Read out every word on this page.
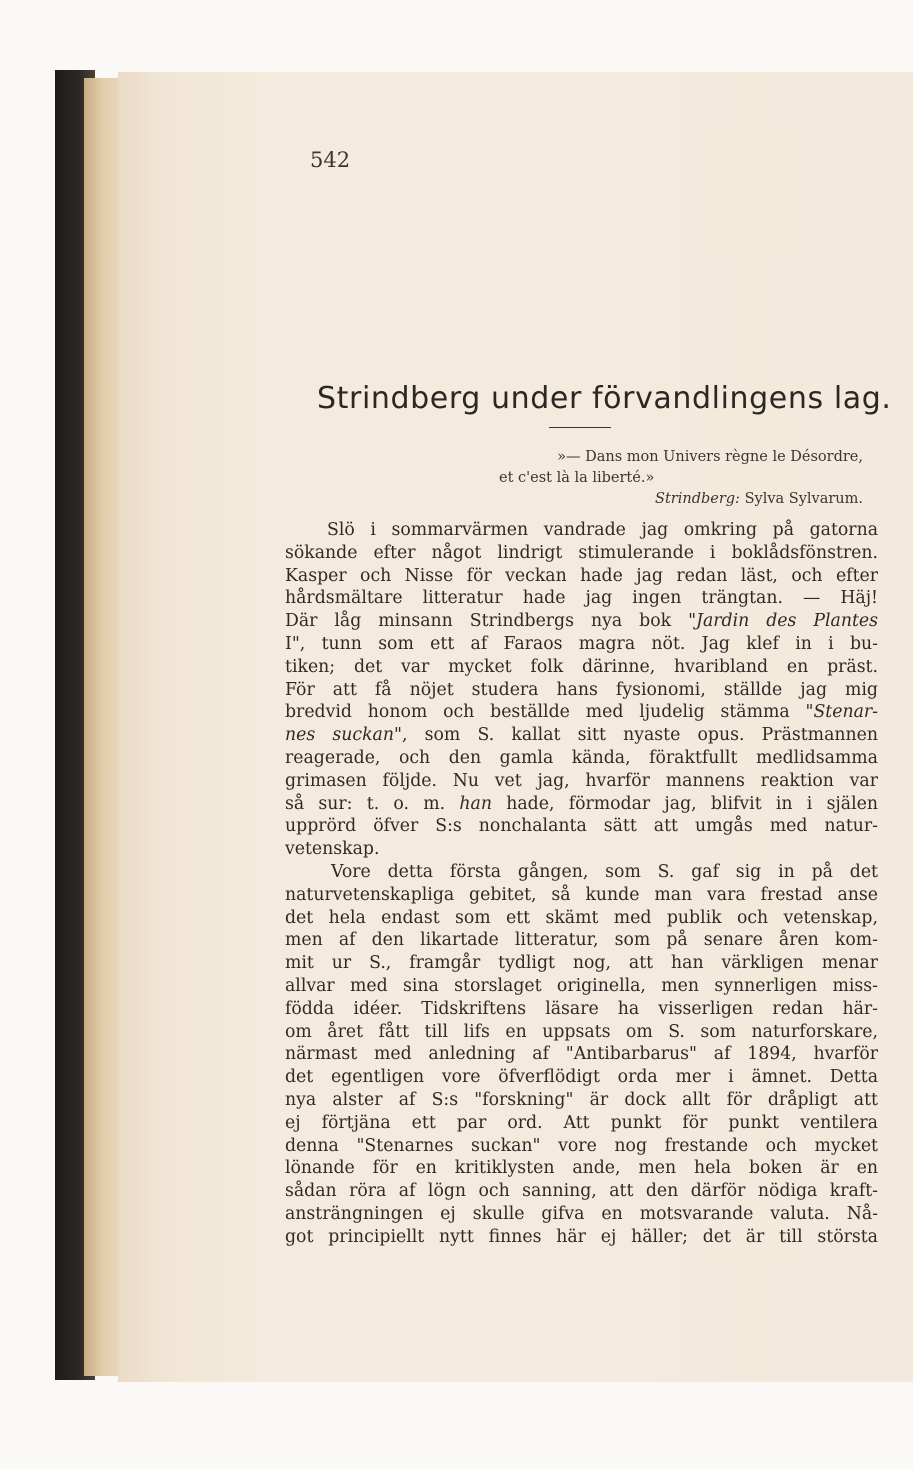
542
Strindberg under förvandlingens lag.
»— Dans mon Univers règne le Désordre,
et c'est là la liberté.»
Strindberg: Sylva Sylvarum.
Slö i sommarvärmen vandrade jag omkring på gatorna
sökande efter något lindrigt stimulerande i boklådsfönstren.
Kasper och Nisse för veckan hade jag redan läst, och efter
hårdsmältare litteratur hade jag ingen trängtan. — Häj!
Där låg minsann Strindbergs nya bok "Jardin des Plantes
I", tunn som ett af Faraos magra nöt. Jag klef in i bu-
tiken; det var mycket folk därinne, hvaribland en präst.
För att få nöjet studera hans fysionomi, ställde jag mig
bredvid honom och beställde med ljudelig stämma "Stenar-
nes suckan", som S. kallat sitt nyaste opus. Prästmannen
reagerade, och den gamla kända, föraktfullt medlidsamma
grimasen följde. Nu vet jag, hvarför mannens reaktion var
så sur: t. o. m. han hade, förmodar jag, blifvit in i själen
upprörd öfver S:s nonchalanta sätt att umgås med natur-
vetenskap.
Vore detta första gången, som S. gaf sig in på det
naturvetenskapliga gebitet, så kunde man vara frestad anse
det hela endast som ett skämt med publik och vetenskap,
men af den likartade litteratur, som på senare åren kom-
mit ur S., framgår tydligt nog, att han värkligen menar
allvar med sina storslaget originella, men synnerligen miss-
födda idéer. Tidskriftens läsare ha visserligen redan här-
om året fått till lifs en uppsats om S. som naturforskare,
närmast med anledning af "Antibarbarus" af 1894, hvarför
det egentligen vore öfverflödigt orda mer i ämnet. Detta
nya alster af S:s "forskning" är dock allt för dråpligt att
ej förtjäna ett par ord. Att punkt för punkt ventilera
denna "Stenarnes suckan" vore nog frestande och mycket
lönande för en kritiklysten ande, men hela boken är en
sådan röra af lögn och sanning, att den därför nödiga kraft-
ansträngningen ej skulle gifva en motsvarande valuta. Nå-
got principiellt nytt finnes här ej häller; det är till största
